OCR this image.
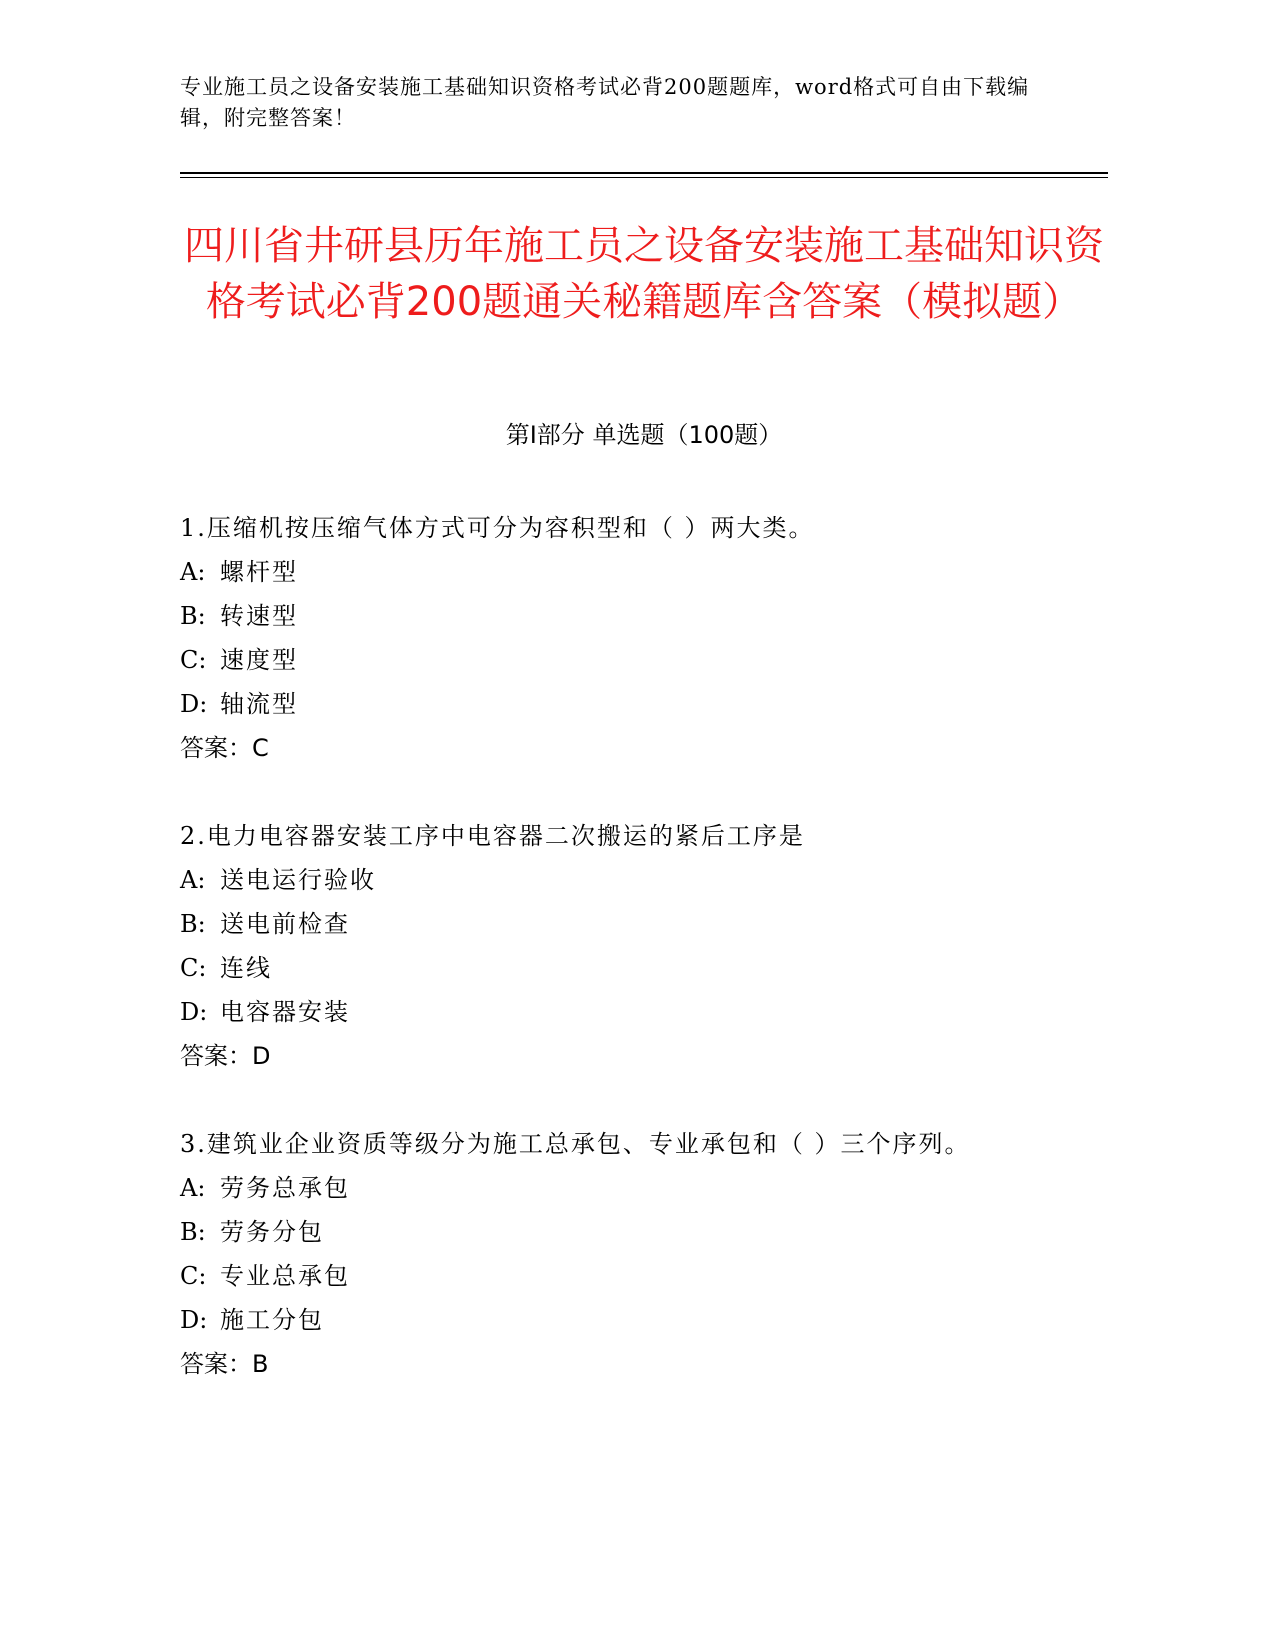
专业施工员之设备安装施工基础知识资格考试必背200题题库，word格式可自由下载编辑，附完整答案！
四川省井研县历年施工员之设备安装施工基础知识资格考试必背200题通关秘籍题库含答案（模拟题）
第Ⅰ部分 单选题（100题）
1.压缩机按压缩气体方式可分为容积型和（ ）两大类。
A: 螺杆型
B: 转速型
C: 速度型
D: 轴流型
答案：C
2.电力电容器安装工序中电容器二次搬运的紧后工序是
A: 送电运行验收
B: 送电前检查
C: 连线
D: 电容器安装
答案：D
3.建筑业企业资质等级分为施工总承包、专业承包和（ ）三个序列。
A: 劳务总承包
B: 劳务分包
C: 专业总承包
D: 施工分包
答案：B
